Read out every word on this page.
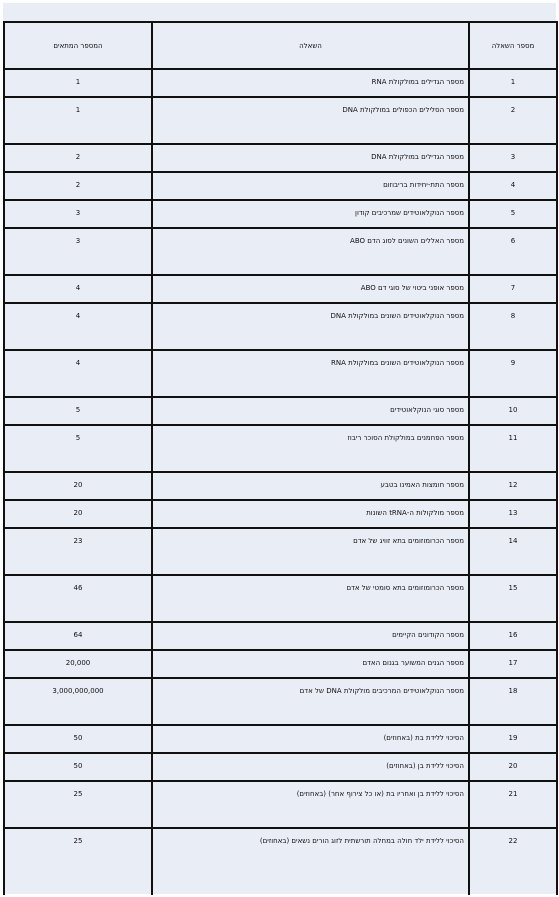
מספר השאלה	השאלה	המספר המתאים
1	מספר הגדילים במולקולת RNA	1
2	מספר הסלילים הכפולים במולקולת DNA	1
3	מספר הגדילים במולקולת DNA	2
4	מספר התת-יחידות בריבוזום	2
5	מספר הנוקלאוטידים שמרכיבים קודון	3
6	מספר האללים השונים לסוג הדם ABO	3
7	מספר אופני ביטוי של סוגי דם ABO	4
8	מספר הנוקלאוטידים השונים במולקולת DNA	4
9	מספר הנוקלאוטידים השונים במולקולת RNA	4
10	מספר סוגי הנוקלאוטידים	5
11	מספר הפחמנים במולקולת הסוכר ריבוז	5
12	מספר חומצות האמינו בטבע	20
13	מספר מולקולות ה-tRNA השונות	20
14	מספר הכרומוזומים בתא זוויג של אדם	23
15	מספר הכרומוזומים בתא סומטי של אדם	46
16	מספר הקודונים הקיימים	64
17	מספר הגנים המשוער בגנום האדם	20,000
18	מספר הנוקלאוטידים המרכיבים מולקולת DNA של אדם	3,000,000,000
19	הסיכוי ללידת בת (באחוזים)	50
20	הסיכוי ללידת בן (באחוזים)	50
21	הסיכוי ללידת בן ואחריו בת (או כל צירוף אחר) (באחוזים)	25
22	הסיכוי ללידת ילד חולה במחלה תורשתית לזוג הורים נשאים (באחוזים)	25
